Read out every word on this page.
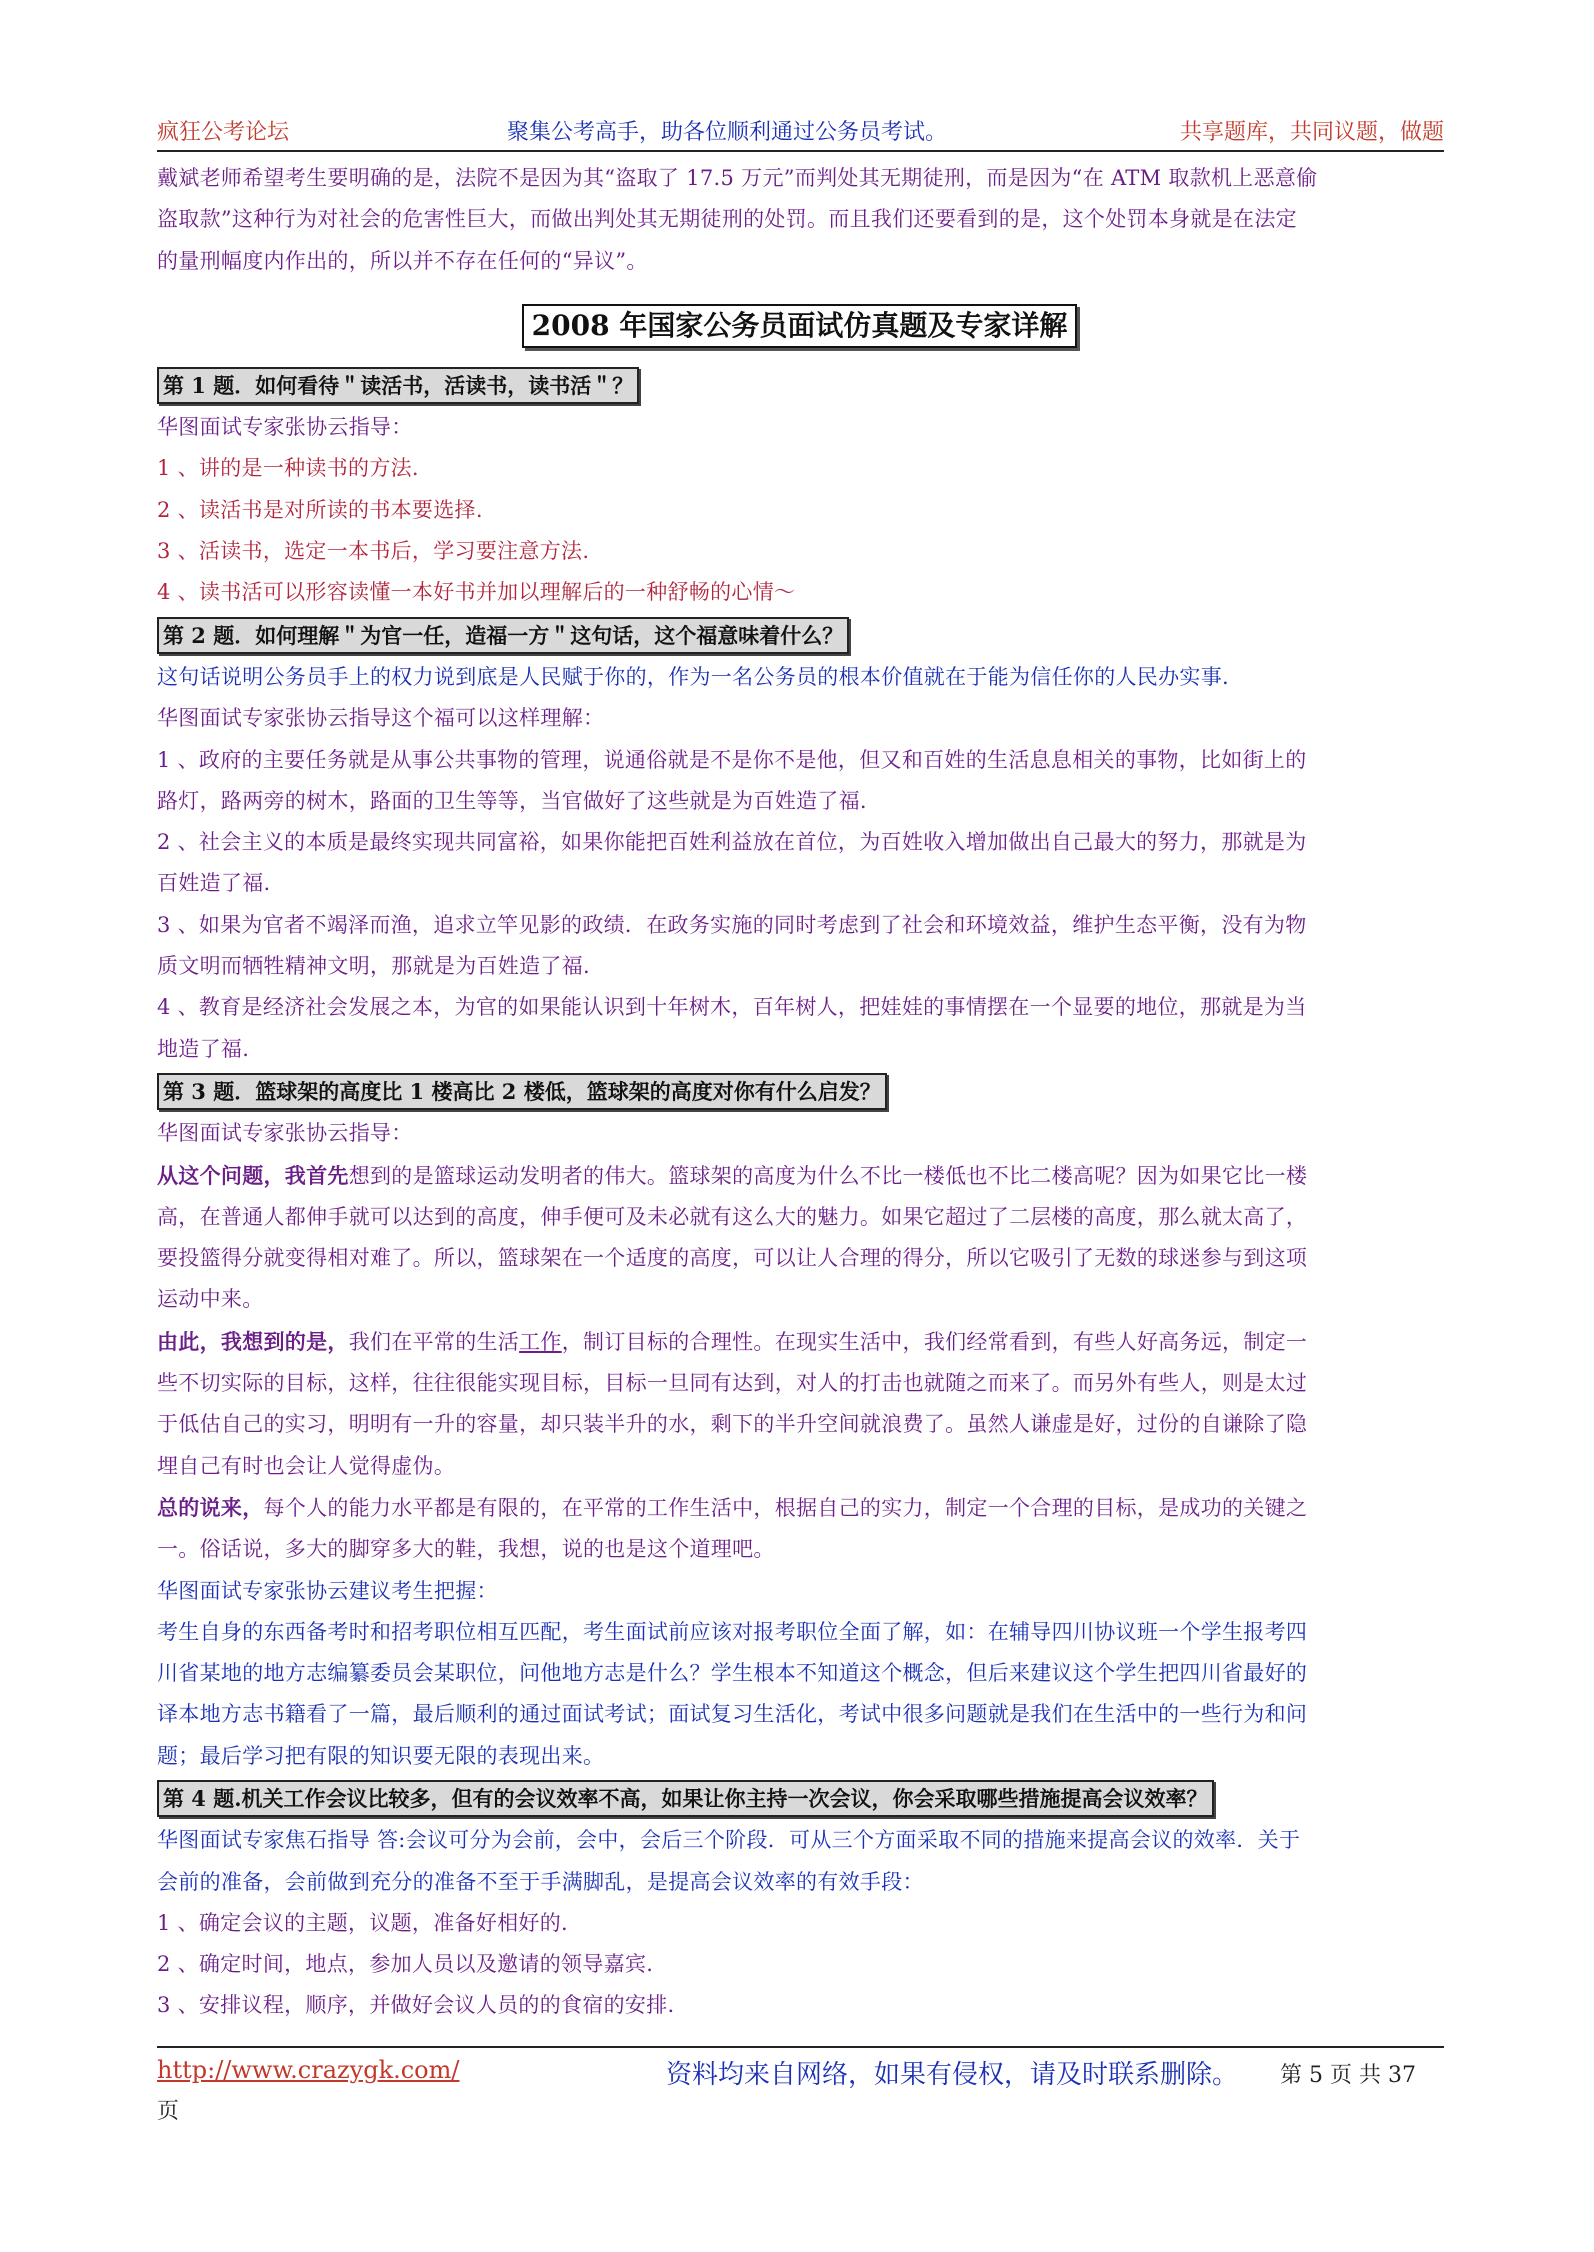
疯狂公考论坛	聚集公考高手，助各位顺利通过公务员考试。	共享题库，共同议题，做题

戴斌老师希望考生要明确的是，法院不是因为其“盗取了 17.5 万元”而判处其无期徒刑，而是因为“在 ATM 取款机上恶意偷

盗取款”这种行为对社会的危害性巨大，而做出判处其无期徒刑的处罚。而且我们还要看到的是，这个处罚本身就是在法定

的量刑幅度内作出的，所以并不存在任何的“异议”。

2008 年国家公务员面试仿真题及专家详解
第 1 题．如何看待＂读活书，活读书，读书活＂？

华图面试专家张协云指导：

1 、讲的是一种读书的方法.

2 、读活书是对所读的书本要选择.

3 、活读书，选定一本书后，学习要注意方法.

4 、读书活可以形容读懂一本好书并加以理解后的一种舒畅的心情～

第 2 题．如何理解＂为官一任，造福一方＂这句话，这个福意味着什么？

这句话说明公务员手上的权力说到底是人民赋于你的，作为一名公务员的根本价值就在于能为信任你的人民办实事.

华图面试专家张协云指导这个福可以这样理解：

1 、政府的主要任务就是从事公共事物的管理，说通俗就是不是你不是他，但又和百姓的生活息息相关的事物，比如街上的

路灯，路两旁的树木，路面的卫生等等，当官做好了这些就是为百姓造了福.

2 、社会主义的本质是最终实现共同富裕，如果你能把百姓利益放在首位，为百姓收入增加做出自己最大的努力，那就是为

百姓造了福.

3 、如果为官者不竭泽而渔，追求立竿见影的政绩．在政务实施的同时考虑到了社会和环境效益，维护生态平衡，没有为物

质文明而牺牲精神文明，那就是为百姓造了福.

4 、教育是经济社会发展之本，为官的如果能认识到十年树木，百年树人，把娃娃的事情摆在一个显要的地位，那就是为当

地造了福.

第 3 题．篮球架的高度比 1 楼高比 2 楼低，篮球架的高度对你有什么启发？

华图面试专家张协云指导：

从这个问题，我首先想到的是篮球运动发明者的伟大。篮球架的高度为什么不比一楼低也不比二楼高呢？因为如果它比一楼

高，在普通人都伸手就可以达到的高度，伸手便可及未必就有这么大的魅力。如果它超过了二层楼的高度，那么就太高了，

要投篮得分就变得相对难了。所以，篮球架在一个适度的高度，可以让人合理的得分，所以它吸引了无数的球迷参与到这项

运动中来。

由此，我想到的是，我们在平常的生活工作，制订目标的合理性。在现实生活中，我们经常看到，有些人好高务远，制定一

些不切实际的目标，这样，往往很能实现目标，目标一旦同有达到，对人的打击也就随之而来了。而另外有些人，则是太过

于低估自己的实习，明明有一升的容量，却只装半升的水，剩下的半升空间就浪费了。虽然人谦虚是好，过份的自谦除了隐

埋自己有时也会让人觉得虚伪。

总的说来，每个人的能力水平都是有限的，在平常的工作生活中，根据自己的实力，制定一个合理的目标，是成功的关键之

一。俗话说，多大的脚穿多大的鞋，我想，说的也是这个道理吧。

华图面试专家张协云建议考生把握：

考生自身的东西备考时和招考职位相互匹配，考生面试前应该对报考职位全面了解，如：在辅导四川协议班一个学生报考四

川省某地的地方志编纂委员会某职位，问他地方志是什么？学生根本不知道这个概念，但后来建议这个学生把四川省最好的

译本地方志书籍看了一篇，最后顺利的通过面试考试；面试复习生活化，考试中很多问题就是我们在生活中的一些行为和问

题；最后学习把有限的知识要无限的表现出来。

第 4 题.机关工作会议比较多，但有的会议效率不高，如果让你主持一次会议，你会采取哪些措施提高会议效率？

华图面试专家焦石指导 答:会议可分为会前，会中，会后三个阶段．可从三个方面采取不同的措施来提高会议的效率．关于

会前的准备，会前做到充分的准备不至于手满脚乱，是提高会议效率的有效手段：

1 、确定会议的主题，议题，准备好相好的.

2 、确定时间，地点，参加人员以及邀请的领导嘉宾.

3 、安排议程，顺序，并做好会议人员的的食宿的安排.

http://www.crazygk.com/	资料均来自网络，如果有侵权，请及时联系删除。 第 5 页 共 37
页
